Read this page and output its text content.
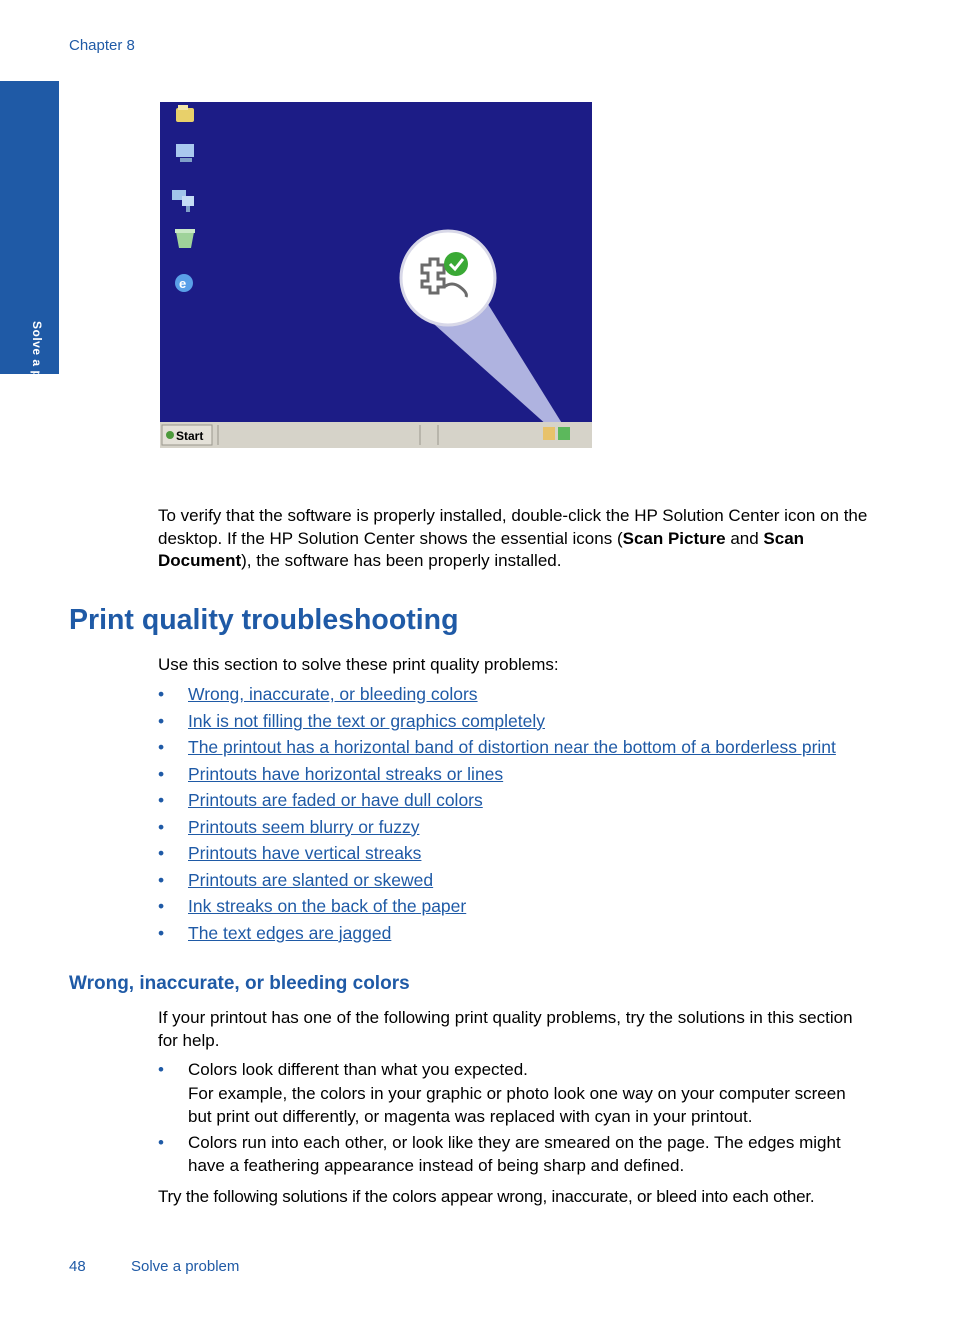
Chapter 8
Solve a problem
e
Start
To verify that the software is properly installed, double-click the HP Solution Center icon on the desktop. If the HP Solution Center shows the essential icons (Scan Picture and Scan Document), the software has been properly installed.
Print quality troubleshooting
Use this section to solve these print quality problems:
• Wrong, inaccurate, or bleeding colors
• Ink is not filling the text or graphics completely
• The printout has a horizontal band of distortion near the bottom of a borderless print
• Printouts have horizontal streaks or lines
• Printouts are faded or have dull colors
• Printouts seem blurry or fuzzy
• Printouts have vertical streaks
• Printouts are slanted or skewed
• Ink streaks on the back of the paper
• The text edges are jagged
Wrong, inaccurate, or bleeding colors
If your printout has one of the following print quality problems, try the solutions in this section for help.
• Colors look different than what you expected.
For example, the colors in your graphic or photo look one way on your computer screen but print out differently, or magenta was replaced with cyan in your printout.
• Colors run into each other, or look like they are smeared on the page. The edges might have a feathering appearance instead of being sharp and defined.
Try the following solutions if the colors appear wrong, inaccurate, or bleed into each other.
48	Solve a problem
